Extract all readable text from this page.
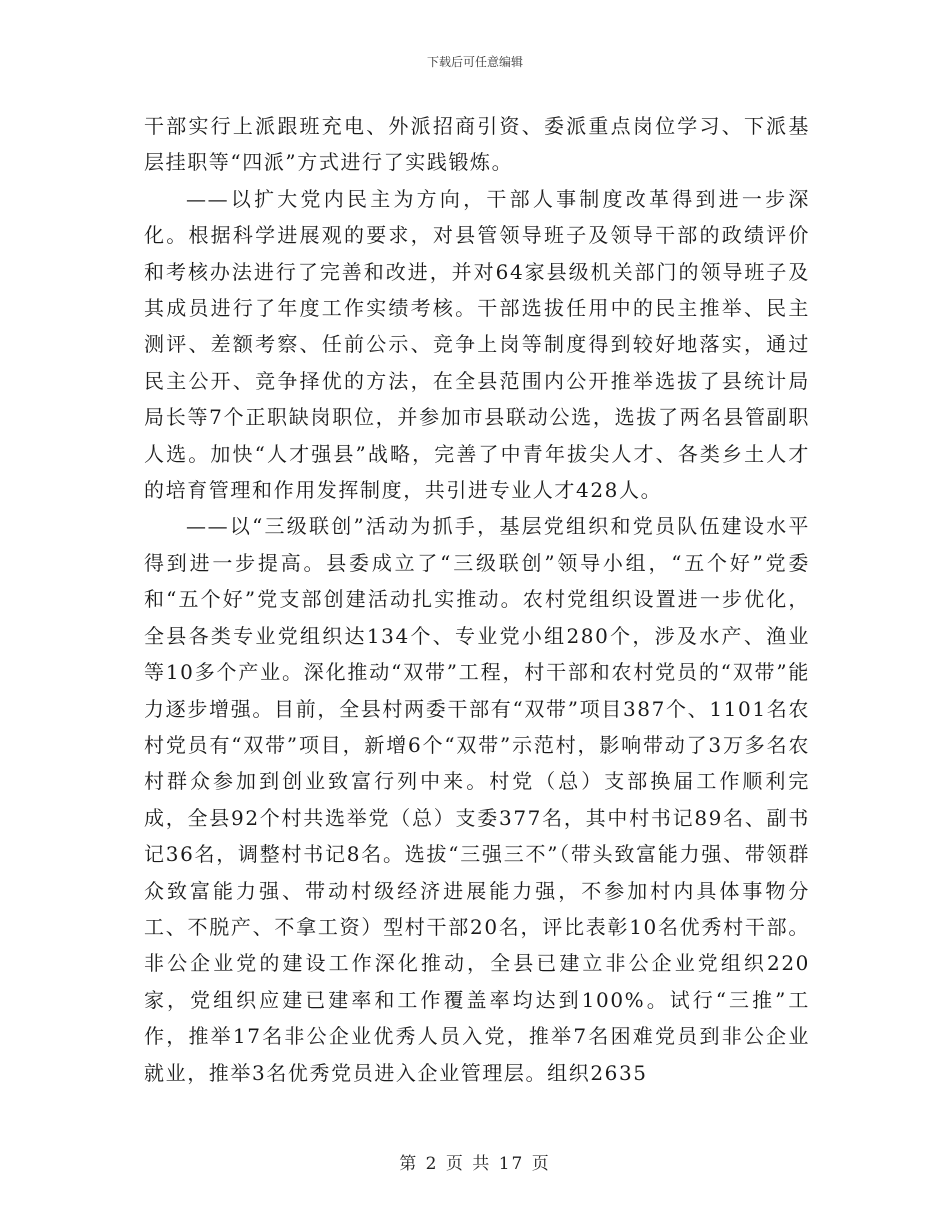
下载后可任意编辑

干部实行上派跟班充电、外派招商引资、委派重点岗位学习、下派基层挂职等“四派”方式进行了实践锻炼。

——以扩大党内民主为方向，干部人事制度改革得到进一步深化。根据科学进展观的要求，对县管领导班子及领导干部的政绩评价和考核办法进行了完善和改进，并对64家县级机关部门的领导班子及其成员进行了年度工作实绩考核。干部选拔任用中的民主推举、民主测评、差额考察、任前公示、竞争上岗等制度得到较好地落实，通过民主公开、竞争择优的方法，在全县范围内公开推举选拔了县统计局局长等7个正职缺岗职位，并参加市县联动公选，选拔了两名县管副职人选。加快“人才强县”战略，完善了中青年拔尖人才、各类乡土人才的培育管理和作用发挥制度，共引进专业人才428人。

——以“三级联创”活动为抓手，基层党组织和党员队伍建设水平得到进一步提高。县委成立了“三级联创”领导小组，“五个好”党委和“五个好”党支部创建活动扎实推动。农村党组织设置进一步优化，全县各类专业党组织达134个、专业党小组280个，涉及水产、渔业等10多个产业。深化推动“双带”工程，村干部和农村党员的“双带”能力逐步增强。目前，全县村两委干部有“双带”项目387个、1101名农村党员有“双带”项目，新增6个“双带”示范村，影响带动了3万多名农村群众参加到创业致富行列中来。村党（总）支部换届工作顺利完成，全县92个村共选举党（总）支委377名，其中村书记89名、副书记36名，调整村书记8名。选拔“三强三不”（带头致富能力强、带领群众致富能力强、带动村级经济进展能力强，不参加村内具体事物分工、不脱产、不拿工资）型村干部20名，评比表彰10名优秀村干部。非公企业党的建设工作深化推动，全县已建立非公企业党组织220家，党组织应建已建率和工作覆盖率均达到100%。试行“三推”工作，推举17名非公企业优秀人员入党，推举7名困难党员到非公企业就业，推举3名优秀党员进入企业管理层。组织2635

第 2 页 共 17 页
